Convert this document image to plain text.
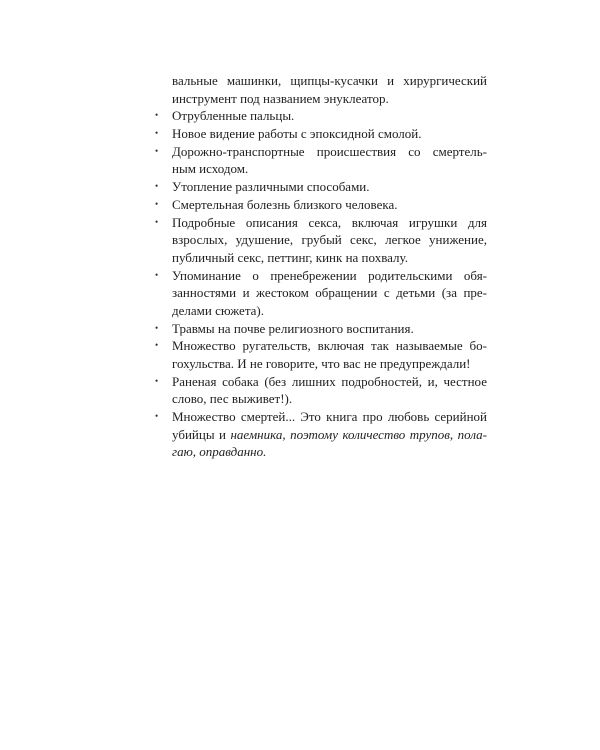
вальные машинки, щипцы-кусачки и хирургический
инструмент под названием энуклеатор.
• Отрубленные пальцы.
• Новое видение работы с эпоксидной смолой.
• Дорожно-транспортные происшествия со смертель-
ным исходом.
• Утопление различными способами.
• Смертельная болезнь близкого человека.
• Подробные описания секса, включая игрушки для
взрослых, удушение, грубый секс, легкое унижение,
публичный секс, петтинг, кинк на похвалу.
• Упоминание о пренебрежении родительскими обя-
занностями и жестоком обращении с детьми (за пре-
делами сюжета).
• Травмы на почве религиозного воспитания.
• Множество ругательств, включая так называемые бо-
гохульства. И не говорите, что вас не предупреждали!
• Раненая собака (без лишних подробностей, и, честное
слово, пес выживет!).
• Множество смертей... Это книга про любовь серийной
убийцы и наемника, поэтому количество трупов, пола-
гаю, оправданно.
